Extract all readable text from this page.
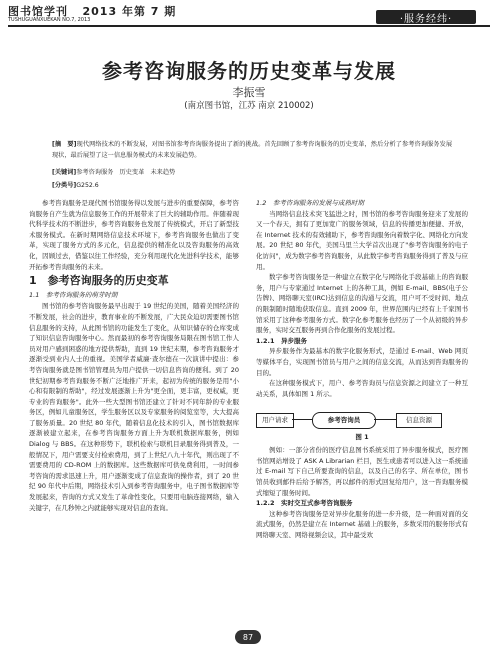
图书馆学刊 2013 年第 7 期
TUSHUGUANXUEKAN NO.7, 2013	·服务经纬·
参考咨询服务的历史变革与发展
李振雪
(南京图书馆，江苏 南京 210002)
[摘　要]现代网络技术的不断发展，对图书馆参考咨询服务提出了新的挑战。首先回顾了参考咨询服务的历史变革，然后分析了参考咨询服务发展现状，最后展望了这一信息服务模式的未来发展趋势。
[关键词]参考咨询服务　历史变革　未来趋势
[分类号]G252.6

参考咨询服务是现代图书馆服务得以发展与进步的重要保障，参考咨询服务自产生就为信息服务工作的开展带来了巨大的辅助作用。伴随着现代科学技术的不断进步，参考咨询服务也发展了传统模式，开启了新型技术服务模式。在新时期网络信息技术环境下，参考咨询服务也做出了变革，实现了服务方式的多元化，信息提供的精准化以及咨询服务的高效化，因顾过去，借鉴以往工作经验，充分利用现代化先进科学技术，能够开拓参考咨询服务的未来。

1　参考咨询服务的历史变革
1.1　参考咨询服务的萌芽时期

图书馆的参考咨询服务最早出现于 19 世纪的美国，随着美国经济的不断发展，社会的进步，教育事业的不断发展，广大民众迫切需要图书馆信息服务的支持，从此图书馆的功能发生了变化，从知识储存的仓库变成了知识信息咨询服务中心。然而最初的参考咨询服务局限在图书馆工作人员对用户感到困惑的地方提供帮助，直到 19 世纪末期，参考咨询服务才逐渐受到业内人士的重视。美国学者威廉·查尔德在一次演讲中提出：参考咨询服务就是图书馆管理员为用户提供一切信息咨询的便利。到了 20 世纪初期参考咨询服务不断广泛地推广开来，起初为传统的服务是用"小心和有限制的帮助"，经过发展逐渐上升为"更全面，更丰富，更权威，更专业的咨询服务"。此外一些大型图书馆还建立了针对不同年龄的专业服务区，例如儿童服务区，学生服务区以及专家服务的阅览室等，大大提高了服务质量。20 世纪 80 年代，随着信息化技术的引入，图书馆数据库逐渐被建立起来，在参考咨询服务方面上升为联机数据库服务，例如 Dialog 与 BBS。在这种形势下，联机检索与联机目录服务得到普及，一般情况下，用户需要支付检索费用，到了上世纪八九十年代，则出现了不需要费用的 CD-ROM 上的数据库。这些数据库可供免费利用，一时间参考咨询的需求迅速上升，用户逐渐变成了信息查询的操作者，到了 20 世纪 90 年代中后期，网络技术引入到参考咨询服务中，电子图书数据库等发展起来，咨询的方式又发生了革命性变化，只要用电脑连接网络，输入关键字，在几秒钟之内就能够实现对信息的查询。

1.2　参考咨询服务的发展与成熟时期

当网络信息技术突飞猛进之时，图书馆的参考咨询服务迎来了发展的又一个春天，拥有了更加宽广的服务领域，信息的传播更加便捷、开放，在 Internet 技术的有效辅助下，参考咨询服务向着数字化、网络化方向发展。20 世纪 80 年代，美国马里兰大学首次出现了"参考咨询服务的电子化访问"，成为数字参考咨询服务，从此数字参考咨询服务得到了普及与应用。

数字参考咨询服务是一种建立在数字化与网络化手段基础上的咨询服务，用户与专家通过 Internet 上的各种工具，例如 E-mail、BBS(电子公告牌)、网络聊天室(IRC)达到信息的沟通与交流，用户可不受时间、地点的限制随时随地获取信息。直到 2009 年，世界范围内已经有上千家图书馆采用了这种参考服务方式。数字化参考服务也经历了一个从初级的异步服务，实时交互服务再到合作化服务的发展过程。

1.2.1　异步服务

异步服务作为最基本的数字化服务形式，是通过 E-mail、Web 网页等媒体平台，实现图书馆员与用户之间的信息交流，从而达到咨询服务的目的。

在这种服务模式下，用户、参考咨询员与信息资源之间建立了一种互动关系，具体如图 1 所示。

用户请求	参考咨询员	信息资源
图 1

例如：一部分省份的医疗信息图书系统采用了异步服务模式，医疗图书馆网站增设了 ASK A Librarian 栏目，医生或患者可以进入这一系统通过 E-mail 写下自己所要查询的信息，以及自己的名字、所在单位，图书馆员收到邮件后给予解答，再以邮件的形式回复给用户，这一咨询服务模式缩短了服务时间。

1.2.2　实时交互式参考咨询服务

这种参考咨询服务是对异步化服务的进一步升级，是一种面对面的交流式服务，仍然是建立在 Internet 基础上的服务，多数采用的服务形式有网络聊天室、网络视频会议，其中最受欢

87
